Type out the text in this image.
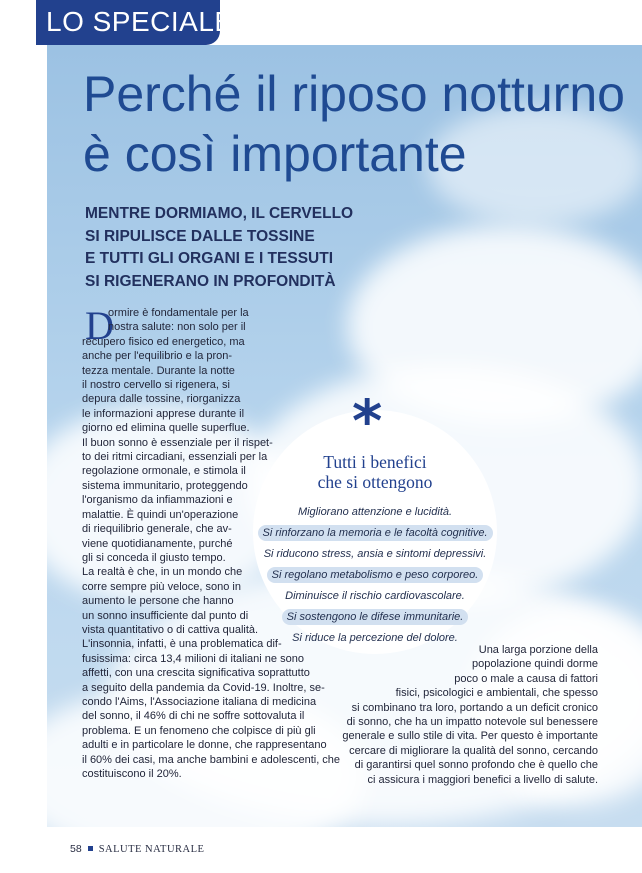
LO SPECIALE
Perché il riposo notturno
è così importante
MENTRE DORMIAMO, IL CERVELLO
SI RIPULISCE DALLE TOSSINE
E TUTTI GLI ORGANI E I TESSUTI
SI RIGENERANO IN PROFONDITÀ
D
ormire è fondamentale per la
nostra salute: non solo per il
recupero fisico ed energetico, ma
anche per l'equilibrio e la pron-
tezza mentale. Durante la notte
il nostro cervello si rigenera, si
depura dalle tossine, riorganizza
le informazioni apprese durante il
giorno ed elimina quelle superflue.
Il buon sonno è essenziale per il rispet-
to dei ritmi circadiani, essenziali per la
regolazione ormonale, e stimola il
sistema immunitario, proteggendo
l'organismo da infiammazioni e
malattie. È quindi un'operazione
di riequilibrio generale, che av-
viene quotidianamente, purché
gli si conceda il giusto tempo.
La realtà è che, in un mondo che
corre sempre più veloce, sono in
aumento le persone che hanno
un sonno insufficiente dal punto di
vista quantitativo o di cattiva qualità.
L'insonnia, infatti, è una problematica dif-
fusissima: circa 13,4 milioni di italiani ne sono
affetti, con una crescita significativa soprattutto
a seguito della pandemia da Covid-19. Inoltre, se-
condo l'Aims, l'Associazione italiana di medicina
del sonno, il 46% di chi ne soffre sottovaluta il
problema. E un fenomeno che colpisce di più gli
adulti e in particolare le donne, che rappresentano
il 60% dei casi, ma anche bambini e adolescenti, che
costituiscono il 20%.
*
Tutti i benefici
che si ottengono
Migliorano attenzione e lucidità.
Si rinforzano la memoria e le facoltà cognitive.
Si riducono stress, ansia e sintomi depressivi.
Si regolano metabolismo e peso corporeo.
Diminuisce il rischio cardiovascolare.
Si sostengono le difese immunitarie.
Si riduce la percezione del dolore.
Una larga porzione della
popolazione quindi dorme
poco o male a causa di fattori
fisici, psicologici e ambientali, che spesso
si combinano tra loro, portando a un deficit cronico
di sonno, che ha un impatto notevole sul benessere
generale e sullo stile di vita. Per questo è importante
cercare di migliorare la qualità del sonno, cercando
di garantirsi quel sonno profondo che è quello che
ci assicura i maggiori benefici a livello di salute.
58 SALUTE NATURALE
